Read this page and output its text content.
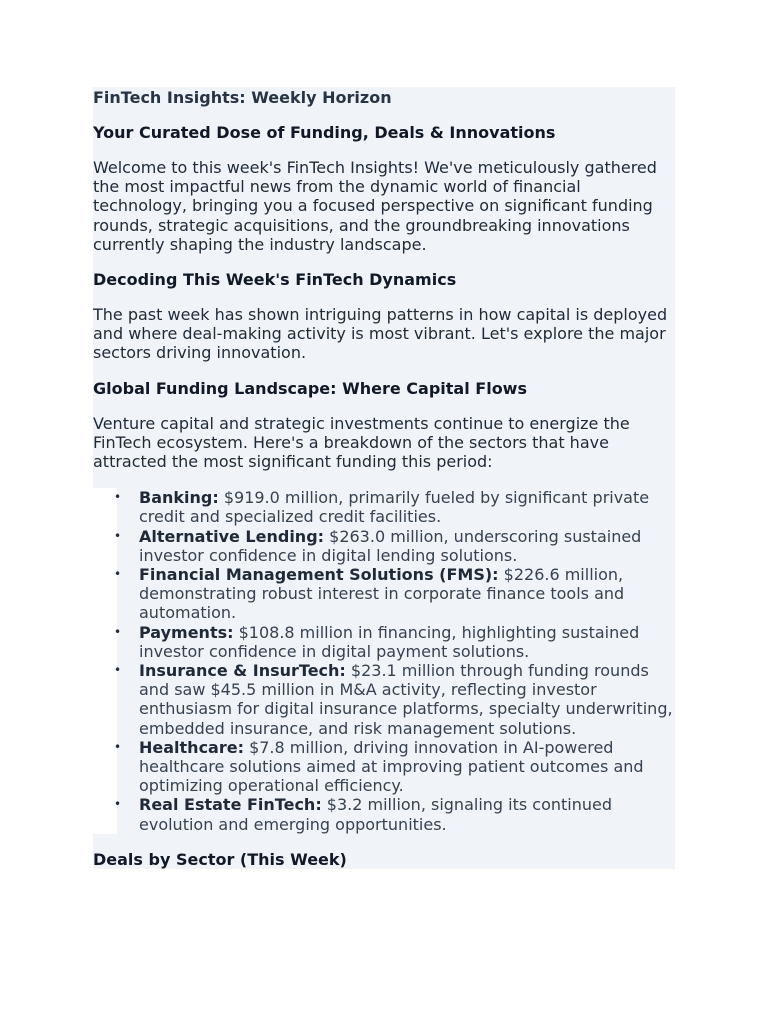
FinTech Insights: Weekly Horizon
Your Curated Dose of Funding, Deals & Innovations

Welcome to this week's FinTech Insights! We've meticulously gathered the most impactful news from the dynamic world of financial technology, bringing you a focused perspective on significant funding rounds, strategic acquisitions, and the groundbreaking innovations currently shaping the industry landscape.

Decoding This Week's FinTech Dynamics

The past week has shown intriguing patterns in how capital is deployed and where deal-making activity is most vibrant. Let's explore the major sectors driving innovation.

Global Funding Landscape: Where Capital Flows

Venture capital and strategic investments continue to energize the FinTech ecosystem. Here's a breakdown of the sectors that have attracted the most significant funding this period:

• Banking: $919.0 million, primarily fueled by significant private credit and specialized credit facilities.
• Alternative Lending: $263.0 million, underscoring sustained investor confidence in digital lending solutions.
• Financial Management Solutions (FMS): $226.6 million, demonstrating robust interest in corporate finance tools and automation.
• Payments: $108.8 million in financing, highlighting sustained investor confidence in digital payment solutions.
• Insurance & InsurTech: $23.1 million through funding rounds and saw $45.5 million in M&A activity, reflecting investor enthusiasm for digital insurance platforms, specialty underwriting, embedded insurance, and risk management solutions.
• Healthcare: $7.8 million, driving innovation in AI-powered healthcare solutions aimed at improving patient outcomes and optimizing operational efficiency.
• Real Estate FinTech: $3.2 million, signaling its continued evolution and emerging opportunities.
Deals by Sector (This Week)
